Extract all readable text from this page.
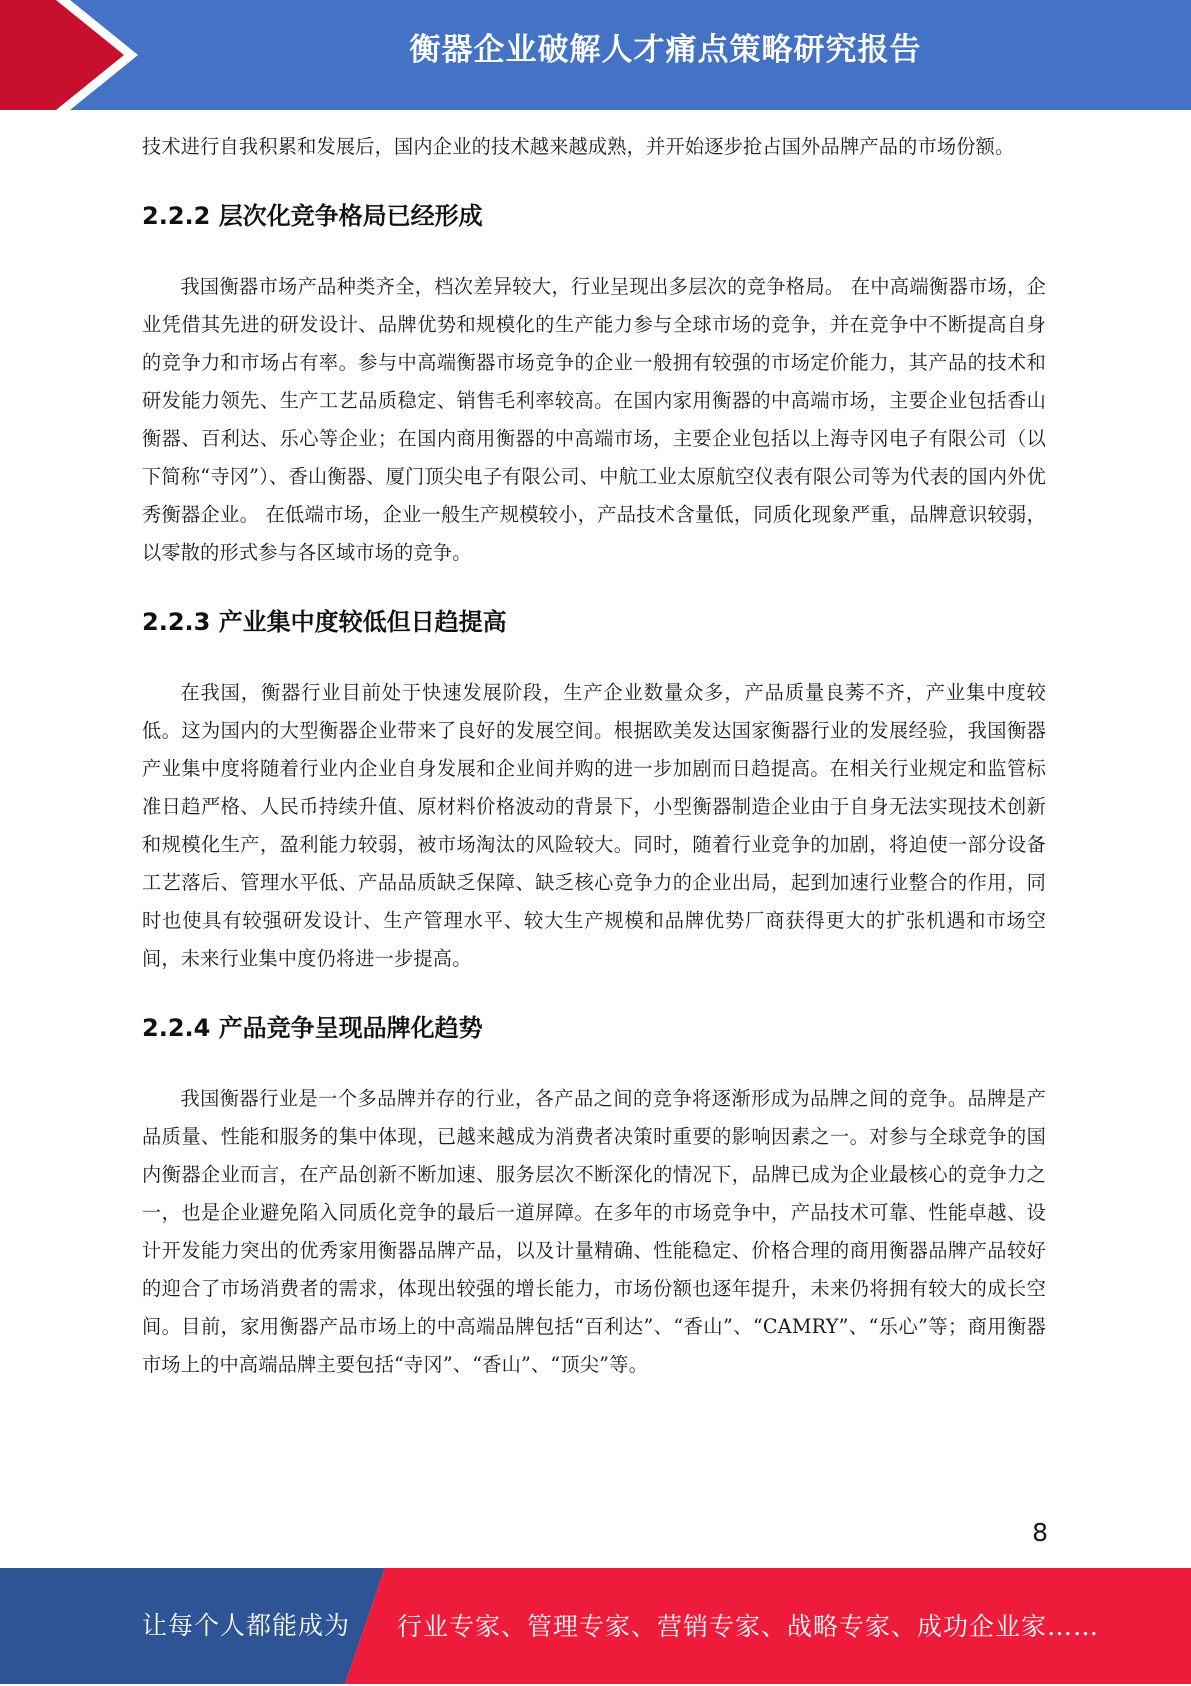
衡器企业破解人才痛点策略研究报告

技术进行自我积累和发展后，国内企业的技术越来越成熟，并开始逐步抢占国外品牌产品的市场份额。

2.2.2 层次化竞争格局已经形成

我国衡器市场产品种类齐全，档次差异较大，行业呈现出多层次的竞争格局。 在中高端衡器市场，企业凭借其先进的研发设计、品牌优势和规模化的生产能力参与全球市场的竞争，并在竞争中不断提高自身的竞争力和市场占有率。参与中高端衡器市场竞争的企业一般拥有较强的市场定价能力，其产品的技术和研发能力领先、生产工艺品质稳定、销售毛利率较高。在国内家用衡器的中高端市场，主要企业包括香山衡器、百利达、乐心等企业；在国内商用衡器的中高端市场，主要企业包括以上海寺冈电子有限公司（以下简称“寺冈”）、香山衡器、厦门顶尖电子有限公司、中航工业太原航空仪表有限公司等为代表的国内外优秀衡器企业。 在低端市场，企业一般生产规模较小，产品技术含量低，同质化现象严重，品牌意识较弱，以零散的形式参与各区域市场的竞争。

2.2.3 产业集中度较低但日趋提高

在我国，衡器行业目前处于快速发展阶段，生产企业数量众多，产品质量良莠不齐，产业集中度较低。这为国内的大型衡器企业带来了良好的发展空间。根据欧美发达国家衡器行业的发展经验，我国衡器产业集中度将随着行业内企业自身发展和企业间并购的进一步加剧而日趋提高。在相关行业规定和监管标准日趋严格、人民币持续升值、原材料价格波动的背景下，小型衡器制造企业由于自身无法实现技术创新和规模化生产，盈利能力较弱，被市场淘汰的风险较大。同时，随着行业竞争的加剧，将迫使一部分设备工艺落后、管理水平低、产品品质缺乏保障、缺乏核心竞争力的企业出局，起到加速行业整合的作用，同时也使具有较强研发设计、生产管理水平、较大生产规模和品牌优势厂商获得更大的扩张机遇和市场空间，未来行业集中度仍将进一步提高。

2.2.4 产品竞争呈现品牌化趋势

我国衡器行业是一个多品牌并存的行业，各产品之间的竞争将逐渐形成为品牌之间的竞争。品牌是产品质量、性能和服务的集中体现，已越来越成为消费者决策时重要的影响因素之一。对参与全球竞争的国内衡器企业而言，在产品创新不断加速、服务层次不断深化的情况下，品牌已成为企业最核心的竞争力之一，也是企业避免陷入同质化竞争的最后一道屏障。在多年的市场竞争中，产品技术可靠、性能卓越、设计开发能力突出的优秀家用衡器品牌产品，以及计量精确、性能稳定、价格合理的商用衡器品牌产品较好的迎合了市场消费者的需求，体现出较强的增长能力，市场份额也逐年提升，未来仍将拥有较大的成长空间。目前，家用衡器产品市场上的中高端品牌包括“百利达”、“香山”、“CAMRY”、“乐心”等；商用衡器市场上的中高端品牌主要包括“寺冈”、“香山”、“顶尖”等。

8
让每个人都能成为 行业专家、管理专家、营销专家、战略专家、成功企业家……
